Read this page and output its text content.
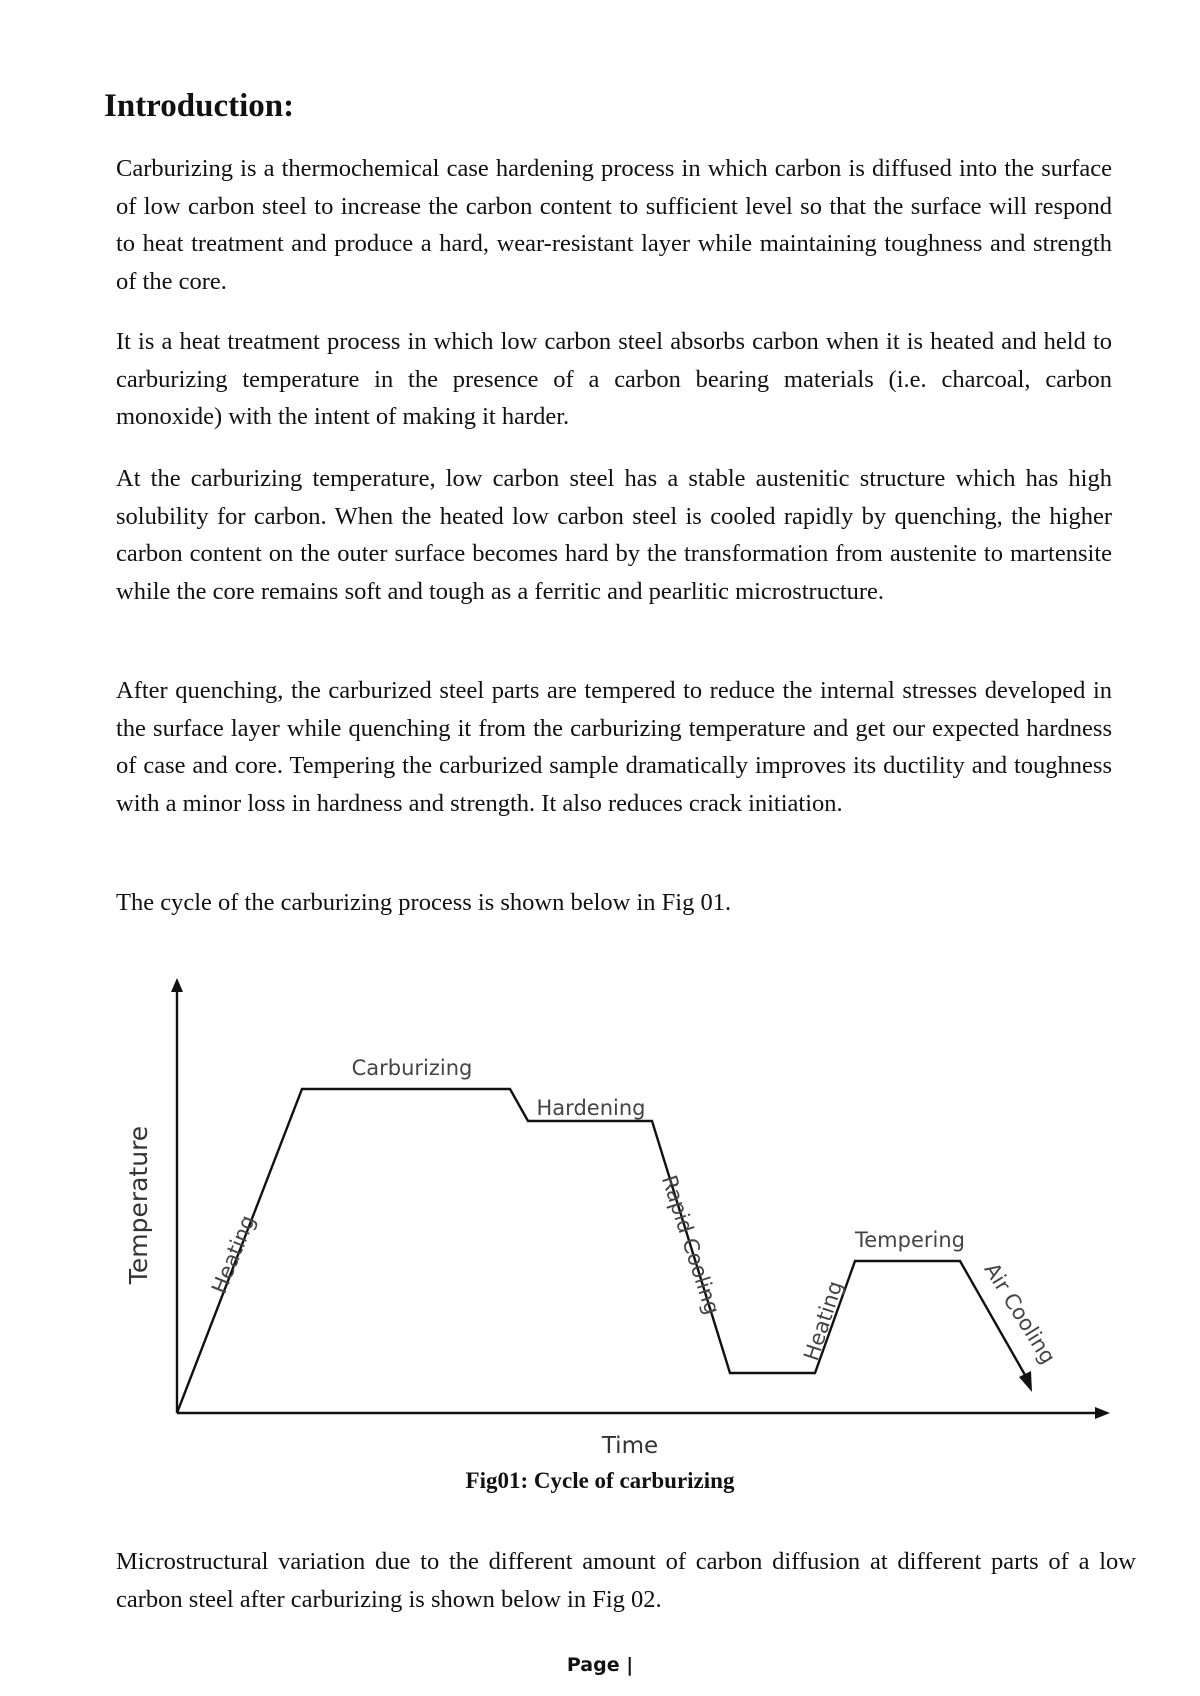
Introduction:

Carburizing is a thermochemical case hardening process in which carbon is diffused into the surface of low carbon steel to increase the carbon content to sufficient level so that the surface will respond to heat treatment and produce a hard, wear-resistant layer while maintaining toughness and strength of the core.

It is a heat treatment process in which low carbon steel absorbs carbon when it is heated and held to carburizing temperature in the presence of a carbon bearing materials (i.e. charcoal, carbon monoxide) with the intent of making it harder.

At the carburizing temperature, low carbon steel has a stable austenitic structure which has high solubility for carbon. When the heated low carbon steel is cooled rapidly by quenching, the higher carbon content on the outer surface becomes hard by the transformation from austenite to martensite while the core remains soft and tough as a ferritic and pearlitic microstructure.

After quenching, the carburized steel parts are tempered to reduce the internal stresses developed in the surface layer while quenching it from the carburizing temperature and get our expected hardness of case and core. Tempering the carburized sample dramatically improves its ductility and toughness with a minor loss in hardness and strength. It also reduces crack initiation.

The cycle of the carburizing process is shown below in Fig 01.

Temperature
Time
Heating
Carburizing
Hardening
Rapid Cooling
Heating
Tempering
Air Cooling
Fig01: Cycle of carburizing

Microstructural variation due to the different amount of carbon diffusion at different parts of a low carbon steel after carburizing is shown below in Fig 02.

Page |
